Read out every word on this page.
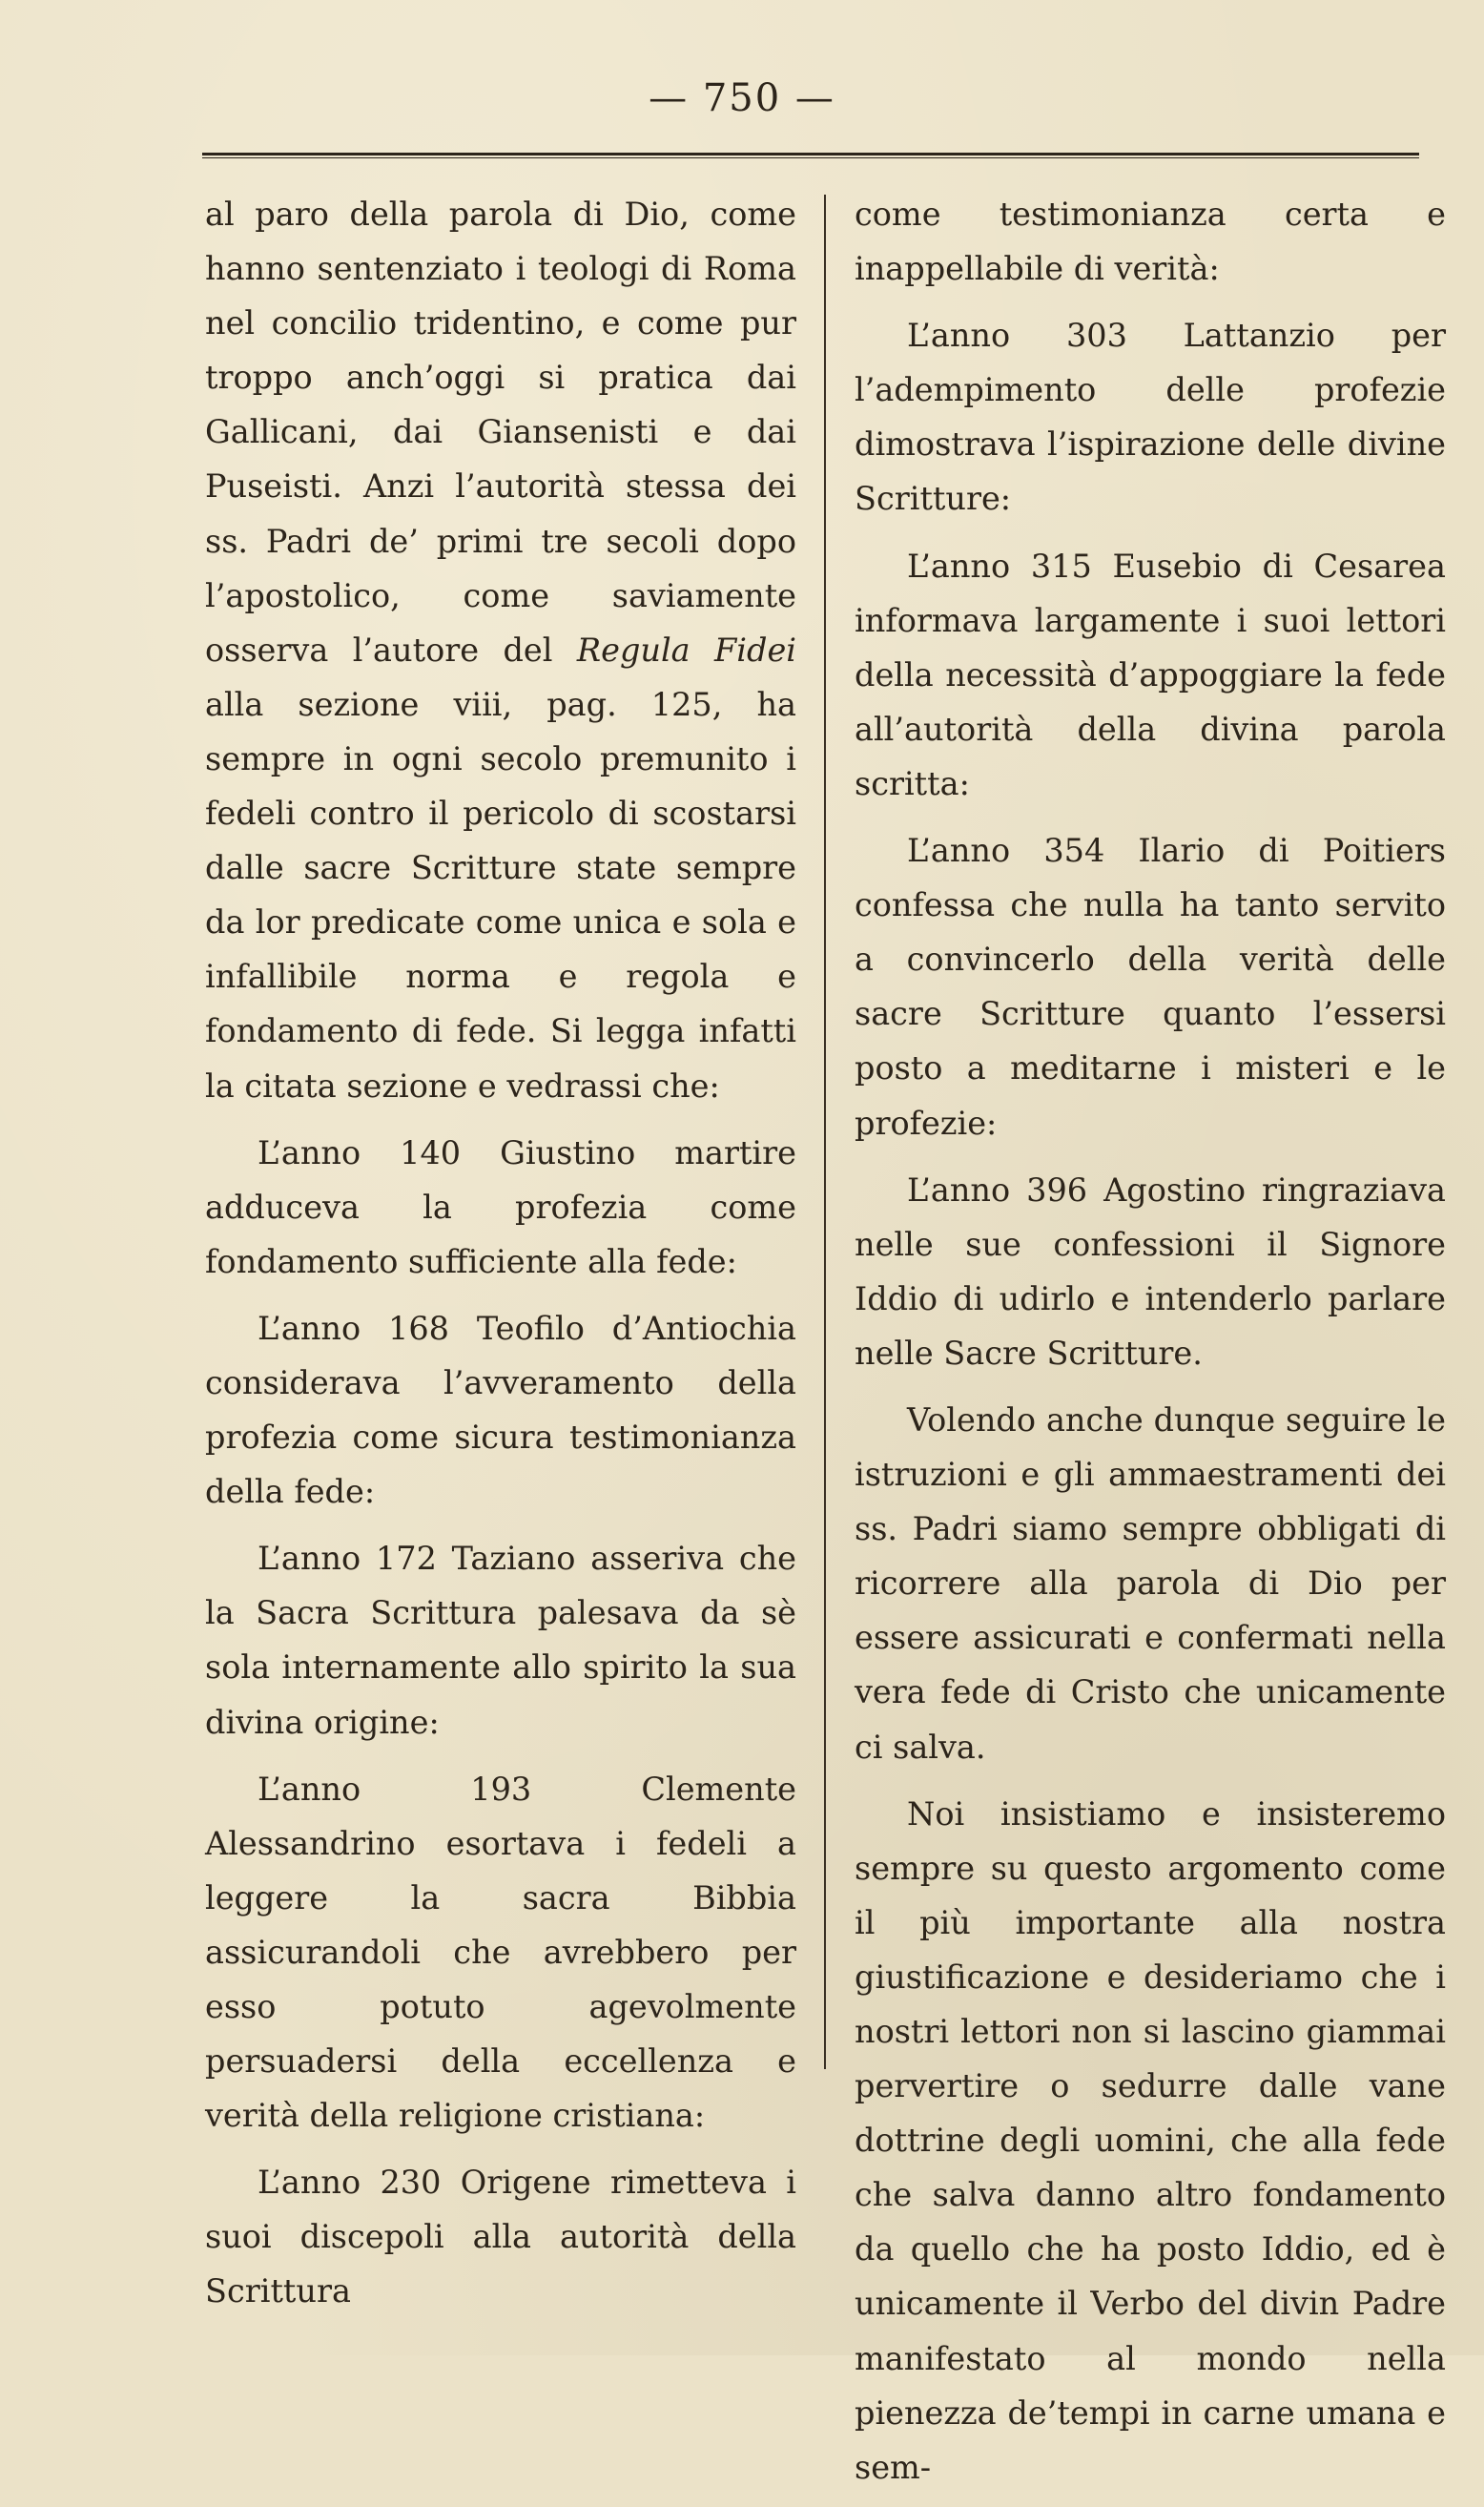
— 750 —

al paro della parola di Dio, come hanno sentenziato i teologi di Roma nel concilio tridentino, e come pur troppo anch’oggi si pratica dai Gallicani, dai Giansenisti e dai Puseisti. Anzi l’autorità stessa dei ss. Padri de’ primi tre secoli dopo l’apostolico, come saviamente osserva l’autore del Regula Fidei alla sezione viii, pag. 125, ha sempre in ogni secolo premunito i fedeli contro il pericolo di scostarsi dalle sacre Scritture state sempre da lor predicate come unica e sola e infallibile norma e regola e fondamento di fede. Si legga infatti la citata sezione e vedrassi che:

L’anno 140 Giustino martire adduceva la profezia come fondamento sufficiente alla fede:

L’anno 168 Teofilo d’Antiochia considerava l’avveramento della profezia come sicura testimonianza della fede:

L’anno 172 Taziano asseriva che la Sacra Scrittura palesava da sè sola internamente allo spirito la sua divina origine:

L’anno 193 Clemente Alessandrino esortava i fedeli a leggere la sacra Bibbia assicurandoli che avrebbero per esso potuto agevolmente persuadersi della eccellenza e verità della religione cristiana:

L’anno 230 Origene rimetteva i suoi discepoli alla autorità della Scrittura

come testimonianza certa e inappellabile di verità:

L’anno 303 Lattanzio per l’adempimento delle profezie dimostrava l’ispirazione delle divine Scritture:

L’anno 315 Eusebio di Cesarea informava largamente i suoi lettori della necessità d’appoggiare la fede all’autorità della divina parola scritta:

L’anno 354 Ilario di Poitiers confessa che nulla ha tanto servito a convincerlo della verità delle sacre Scritture quanto l’essersi posto a meditarne i misteri e le profezie:

L’anno 396 Agostino ringraziava nelle sue confessioni il Signore Iddio di udirlo e intenderlo parlare nelle Sacre Scritture.

Volendo anche dunque seguire le istruzioni e gli ammaestramenti dei ss. Padri siamo sempre obbligati di ricorrere alla parola di Dio per essere assicurati e confermati nella vera fede di Cristo che unicamente ci salva.

Noi insistiamo e insisteremo sempre su questo argomento come il più importante alla nostra giustificazione e desideriamo che i nostri lettori non si lascino giammai pervertire o sedurre dalle vane dottrine degli uomini, che alla fede che salva danno altro fondamento da quello che ha posto Iddio, ed è unicamente il Verbo del divin Padre manifestato al mondo nella pienezza de’tempi in carne umana e sem-
